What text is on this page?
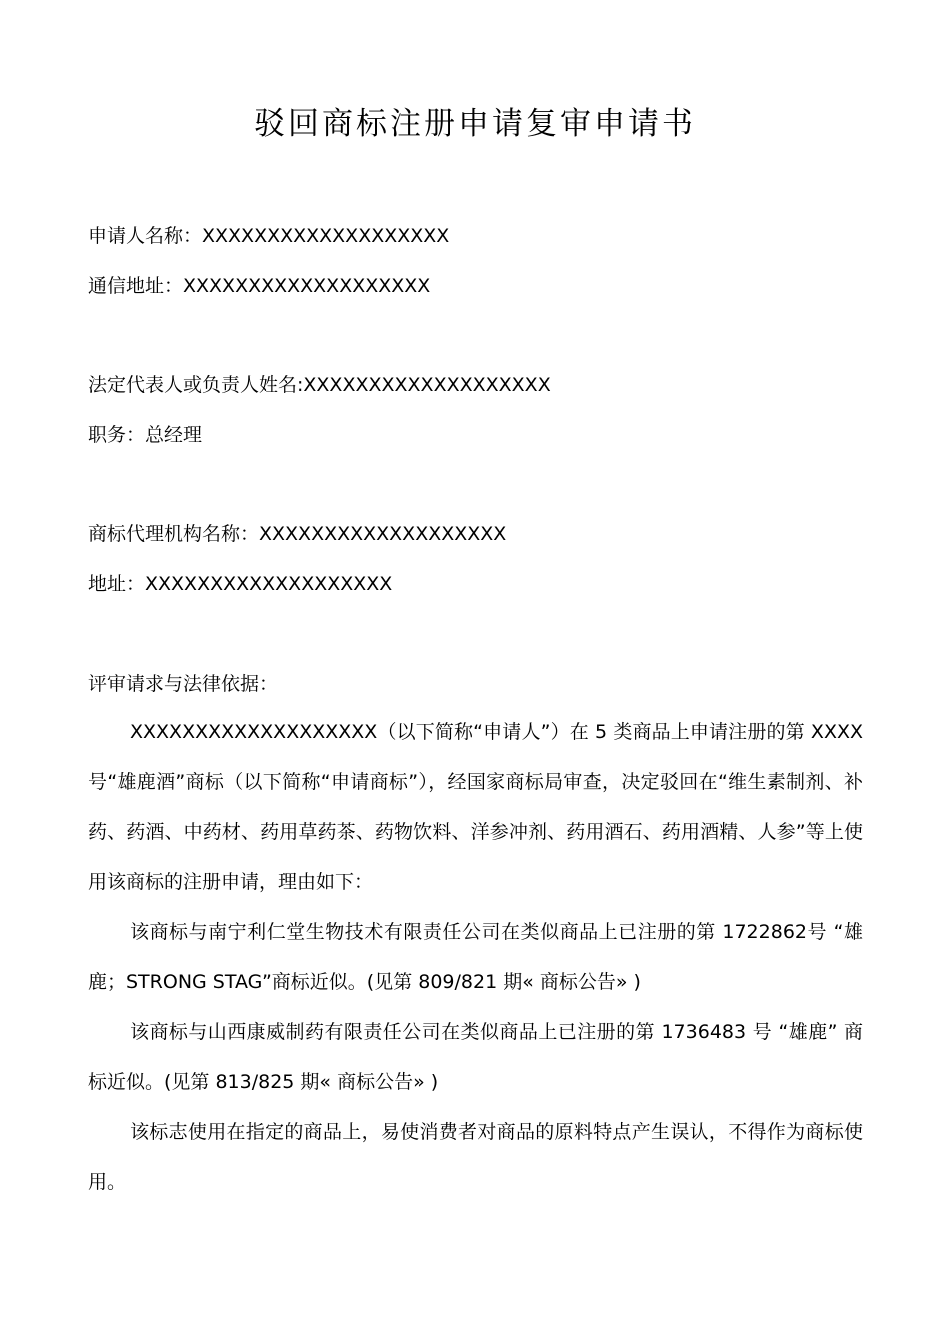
驳回商标注册申请复审申请书
申请人名称：XXXXXXXXXXXXXXXXXXX
通信地址：XXXXXXXXXXXXXXXXXXX
法定代表人或负责人姓名:XXXXXXXXXXXXXXXXXXX
职务：总经理
商标代理机构名称：XXXXXXXXXXXXXXXXXXX
地址：XXXXXXXXXXXXXXXXXXX
评审请求与法律依据：
XXXXXXXXXXXXXXXXXXX（以下简称“申请人”）在 5 类商品上申请注册的第 XXXX号“雄鹿酒”商标（以下简称“申请商标”），经国家商标局审查，决定驳回在“维生素制剂、补药、药酒、中药材、药用草药茶、药物饮料、洋参冲剂、药用酒石、药用酒精、人参”等上使用该商标的注册申请，理由如下：
该商标与南宁利仁堂生物技术有限责任公司在类似商品上已注册的第 1722862号 “雄鹿；STRONG STAG”商标近似。(见第 809/821 期« 商标公告» )
该商标与山西康威制药有限责任公司在类似商品上已注册的第 1736483 号 “雄鹿” 商标近似。(见第 813/825 期« 商标公告» )
该标志使用在指定的商品上，易使消费者对商品的原料特点产生误认，不得作为商标使用。
